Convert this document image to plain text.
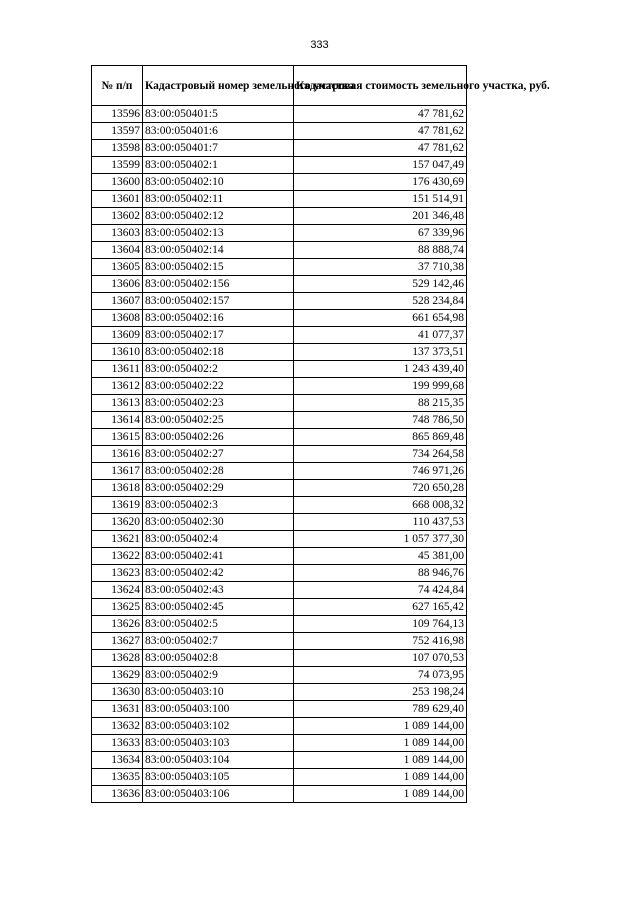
333
№ п/п	Кадастровый номер земельного участка	Кадастровая стоимость земельного участка, руб.
13596	83:00:050401:5	47 781,62
13597	83:00:050401:6	47 781,62
13598	83:00:050401:7	47 781,62
13599	83:00:050402:1	157 047,49
13600	83:00:050402:10	176 430,69
13601	83:00:050402:11	151 514,91
13602	83:00:050402:12	201 346,48
13603	83:00:050402:13	67 339,96
13604	83:00:050402:14	88 888,74
13605	83:00:050402:15	37 710,38
13606	83:00:050402:156	529 142,46
13607	83:00:050402:157	528 234,84
13608	83:00:050402:16	661 654,98
13609	83:00:050402:17	41 077,37
13610	83:00:050402:18	137 373,51
13611	83:00:050402:2	1 243 439,40
13612	83:00:050402:22	199 999,68
13613	83:00:050402:23	88 215,35
13614	83:00:050402:25	748 786,50
13615	83:00:050402:26	865 869,48
13616	83:00:050402:27	734 264,58
13617	83:00:050402:28	746 971,26
13618	83:00:050402:29	720 650,28
13619	83:00:050402:3	668 008,32
13620	83:00:050402:30	110 437,53
13621	83:00:050402:4	1 057 377,30
13622	83:00:050402:41	45 381,00
13623	83:00:050402:42	88 946,76
13624	83:00:050402:43	74 424,84
13625	83:00:050402:45	627 165,42
13626	83:00:050402:5	109 764,13
13627	83:00:050402:7	752 416,98
13628	83:00:050402:8	107 070,53
13629	83:00:050402:9	74 073,95
13630	83:00:050403:10	253 198,24
13631	83:00:050403:100	789 629,40
13632	83:00:050403:102	1 089 144,00
13633	83:00:050403:103	1 089 144,00
13634	83:00:050403:104	1 089 144,00
13635	83:00:050403:105	1 089 144,00
13636	83:00:050403:106	1 089 144,00
